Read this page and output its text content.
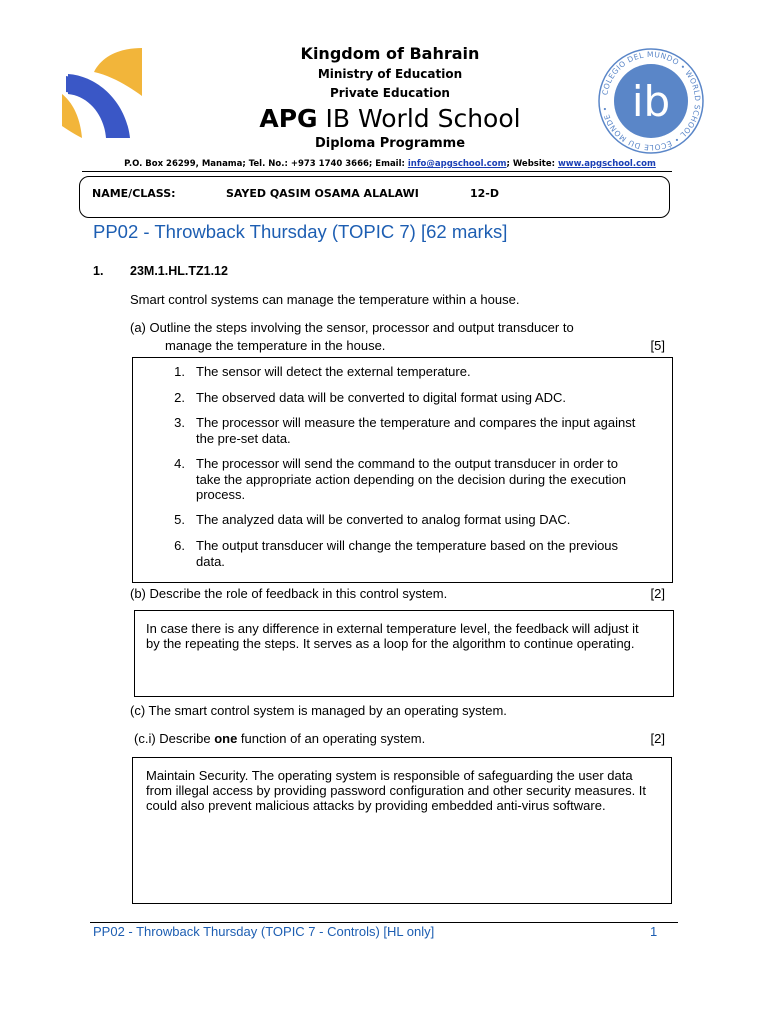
Kingdom of Bahrain
Ministry of Education
Private Education
APG IB World School
Diploma Programme
P.O. Box 26299, Manama; Tel. No.: +973 1740 3666; Email: info@apgschool.com; Website: www.apgschool.com
COLEGIO DEL MUNDO • WORLD SCHOOL • ÉCOLE DU MONDE • ib
NAME/CLASS:	SAYED QASIM OSAMA ALALAWI	12-D
PP02 - Throwback Thursday (TOPIC 7) [62 marks]
1. 23M.1.HL.TZ1.12
Smart control systems can manage the temperature within a house.
(a) Outline the steps involving the sensor, processor and output transducer to
manage the temperature in the house.	[5]
1. The sensor will detect the external temperature.
2. The observed data will be converted to digital format using ADC.
3. The processor will measure the temperature and compares the input against the pre-set data.
4. The processor will send the command to the output transducer in order to take the appropriate action depending on the decision during the execution process.
5. The analyzed data will be converted to analog format using DAC.
6. The output transducer will change the temperature based on the previous data.
(b) Describe the role of feedback in this control system.	[2]
In case there is any difference in external temperature level, the feedback will adjust it by the repeating the steps. It serves as a loop for the algorithm to continue operating.
(c) The smart control system is managed by an operating system.
(c.i) Describe one function of an operating system.	[2]
Maintain Security. The operating system is responsible of safeguarding the user data from illegal access by providing password configuration and other security measures. It could also prevent malicious attacks by providing embedded anti-virus software.
PP02 - Throwback Thursday (TOPIC 7 - Controls) [HL only]	1
